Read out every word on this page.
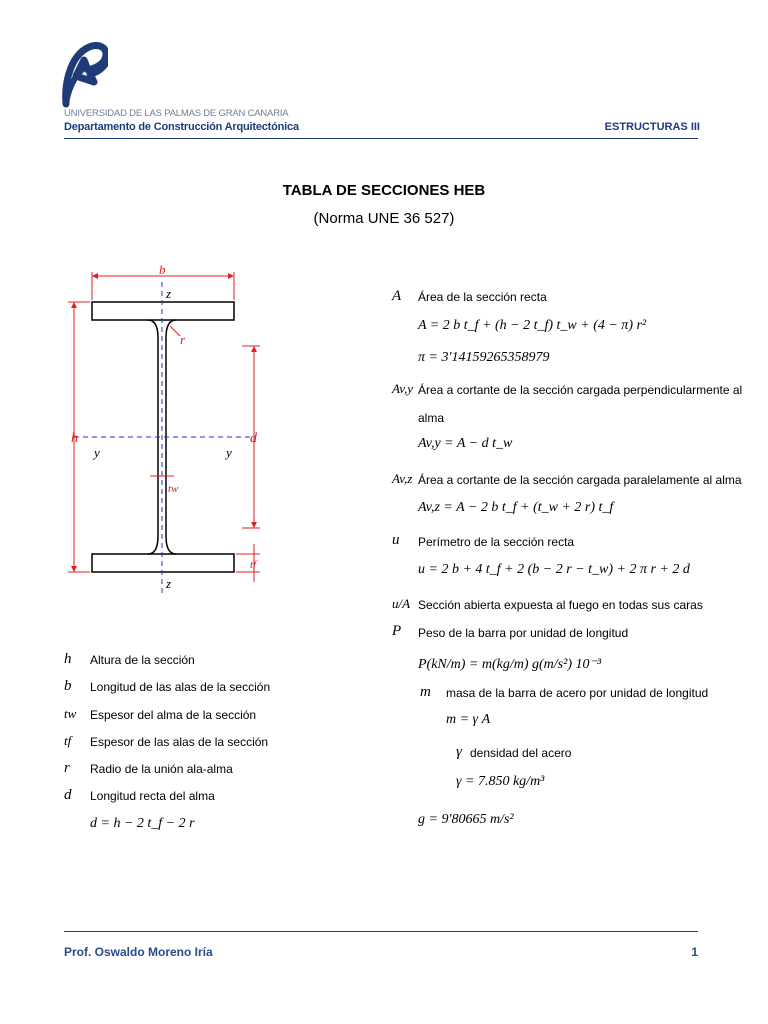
UNIVERSIDAD DE LAS PALMAS DE GRAN CANARIA
Departamento de Construcción Arquitectónica	ESTRUCTURAS III
TABLA DE SECCIONES HEB
(Norma UNE 36 527)
b
z
r
h	d
y	y
tw
tf
z
h Altura de la sección
b Longitud de las alas de la sección
tw Espesor del alma de la sección
tf Espesor de las alas de la sección
r Radio de la unión ala-alma
d Longitud recta del alma
d = h − 2 t_f − 2 r
A Área de la sección recta
A = 2 b t_f + (h − 2 t_f) t_w + (4 − π) r²
π = 3'14159265358979
Av,y Área a cortante de la sección cargada perpendicularmente al
alma
Av,y = A − d t_w
Av,z Área a cortante de la sección cargada paralelamente al alma
Av,z = A − 2 b t_f + (t_w + 2 r) t_f
u Perímetro de la sección recta
u = 2 b + 4 t_f + 2 (b − 2 r − t_w) + 2 π r + 2 d
u/A Sección abierta expuesta al fuego en todas sus caras
P Peso de la barra por unidad de longitud
P(kN/m) = m(kg/m) g(m/s²) 10⁻³
m masa de la barra de acero por unidad de longitud
m = γ A
γ densidad del acero
γ = 7.850 kg/m³
g = 9'80665 m/s²
Prof. Oswaldo Moreno Iría	1
